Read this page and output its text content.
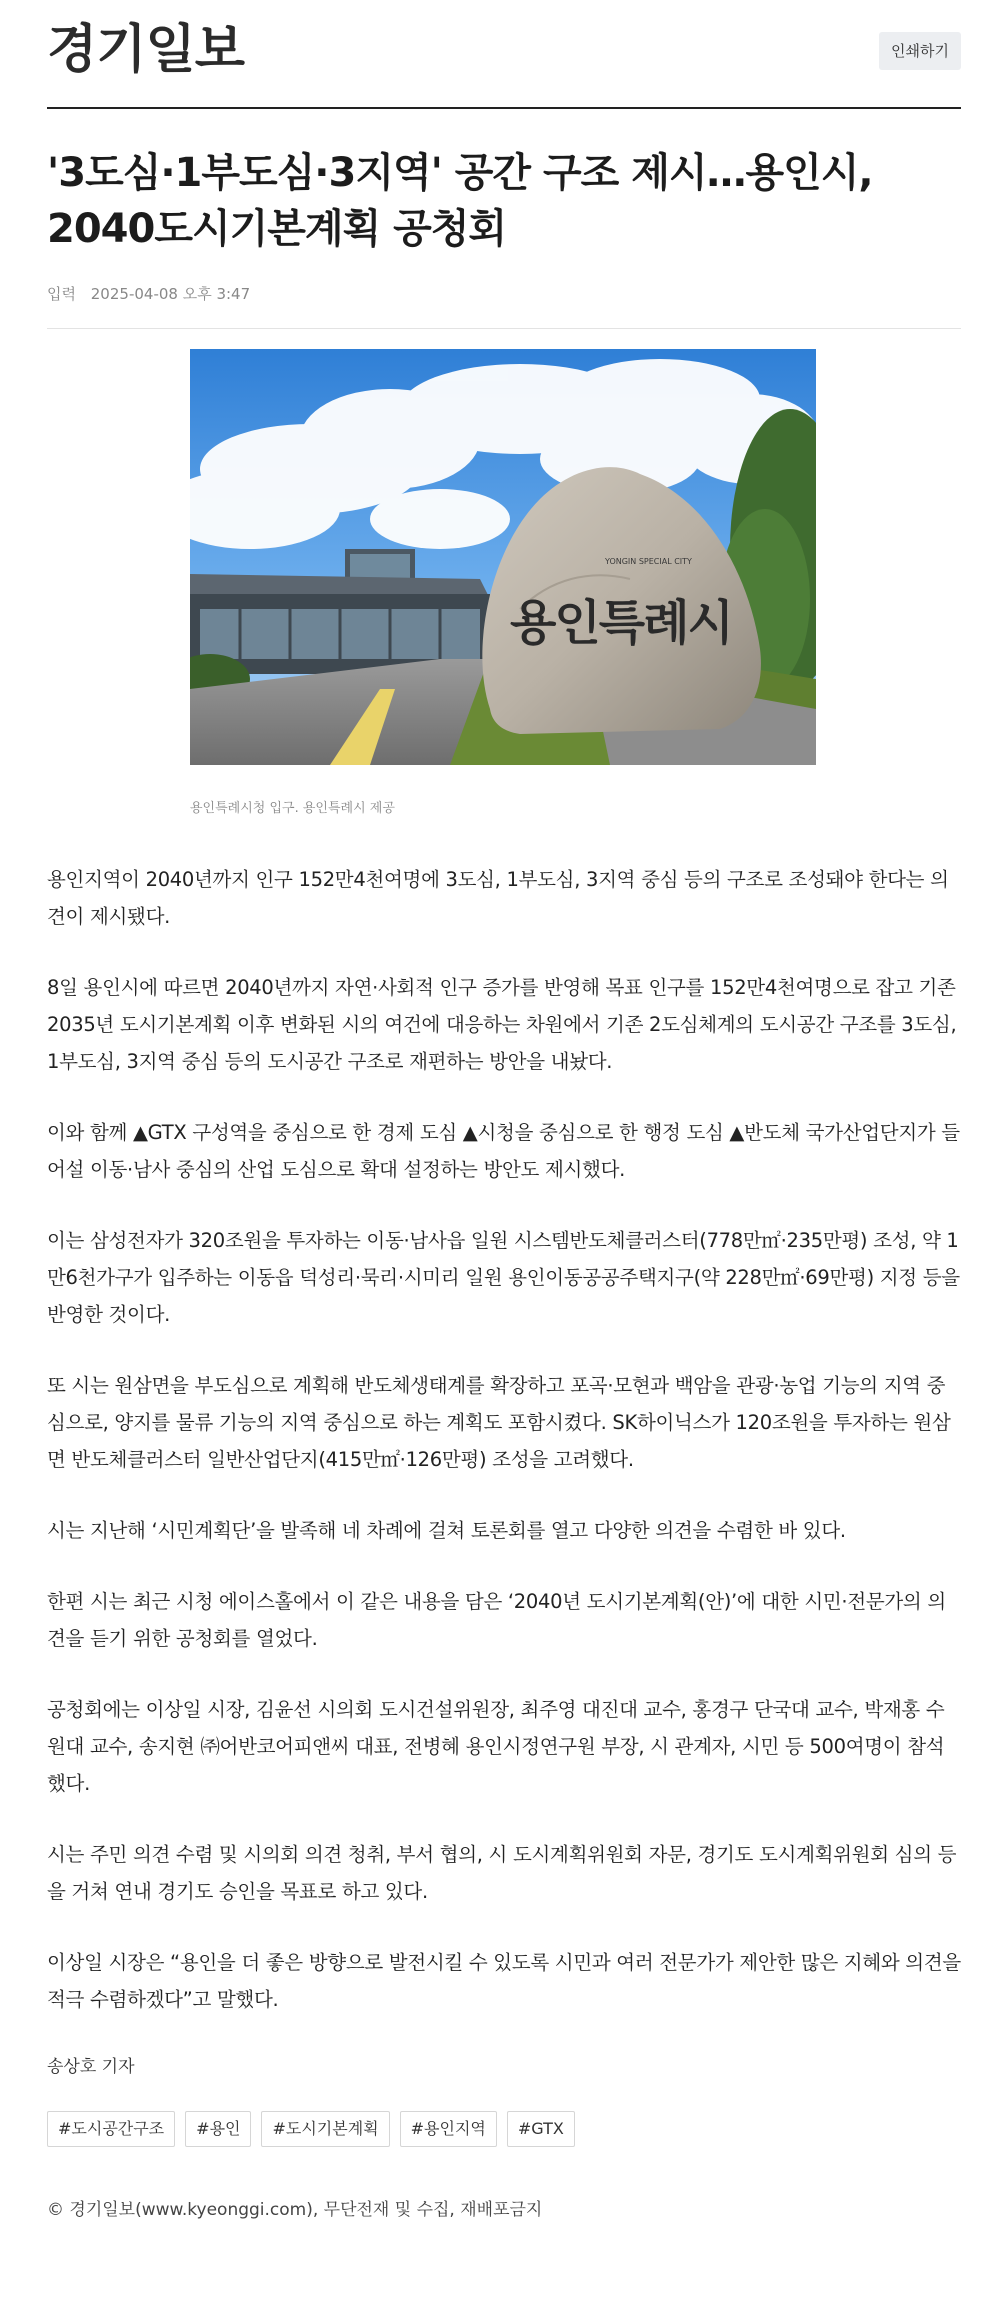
경기일보	인쇄하기
'3도심·1부도심·3지역' 공간 구조 제시…용인시, 2040도시기본계획 공청회
입력 2025-04-08 오후 3:47
용인특례시
YONGIN SPECIAL CITY
용인특례시청 입구. 용인특례시 제공

용인지역이 2040년까지 인구 152만4천여명에 3도심, 1부도심, 3지역 중심 등의 구조로 조성돼야 한다는 의견이 제시됐다.

8일 용인시에 따르면 2040년까지 자연·사회적 인구 증가를 반영해 목표 인구를 152만4천여명으로 잡고 기존 2035년 도시기본계획 이후 변화된 시의 여건에 대응하는 차원에서 기존 2도심체계의 도시공간 구조를 3도심, 1부도심, 3지역 중심 등의 도시공간 구조로 재편하는 방안을 내놨다.

이와 함께 ▲GTX 구성역을 중심으로 한 경제 도심 ▲시청을 중심으로 한 행정 도심 ▲반도체 국가산업단지가 들어설 이동·남사 중심의 산업 도심으로 확대 설정하는 방안도 제시했다.

이는 삼성전자가 320조원을 투자하는 이동·남사읍 일원 시스템반도체클러스터(778만㎡·235만평) 조성, 약 1만6천가구가 입주하는 이동읍 덕성리·묵리·시미리 일원 용인이동공공주택지구(약 228만㎡·69만평) 지정 등을 반영한 것이다.

또 시는 원삼면을 부도심으로 계획해 반도체생태계를 확장하고 포곡·모현과 백암을 관광·농업 기능의 지역 중심으로, 양지를 물류 기능의 지역 중심으로 하는 계획도 포함시켰다. SK하이닉스가 120조원을 투자하는 원삼면 반도체클러스터 일반산업단지(415만㎡·126만평) 조성을 고려했다.

시는 지난해 ‘시민계획단’을 발족해 네 차례에 걸쳐 토론회를 열고 다양한 의견을 수렴한 바 있다.

한편 시는 최근 시청 에이스홀에서 이 같은 내용을 담은 ‘2040년 도시기본계획(안)’에 대한 시민·전문가의 의견을 듣기 위한 공청회를 열었다.

공청회에는 이상일 시장, 김윤선 시의회 도시건설위원장, 최주영 대진대 교수, 홍경구 단국대 교수, 박재홍 수원대 교수, 송지현 ㈜어반코어피앤씨 대표, 전병혜 용인시정연구원 부장, 시 관계자, 시민 등 500여명이 참석했다.

시는 주민 의견 수렴 및 시의회 의견 청취, 부서 협의, 시 도시계획위원회 자문, 경기도 도시계획위원회 심의 등을 거쳐 연내 경기도 승인을 목표로 하고 있다.

이상일 시장은 “용인을 더 좋은 방향으로 발전시킬 수 있도록 시민과 여러 전문가가 제안한 많은 지혜와 의견을 적극 수렴하겠다”고 말했다.

송상호 기자
#도시공간구조	#용인	#도시기본계획	#용인지역	#GTX
© 경기일보(www.kyeonggi.com), 무단전재 및 수집, 재배포금지
